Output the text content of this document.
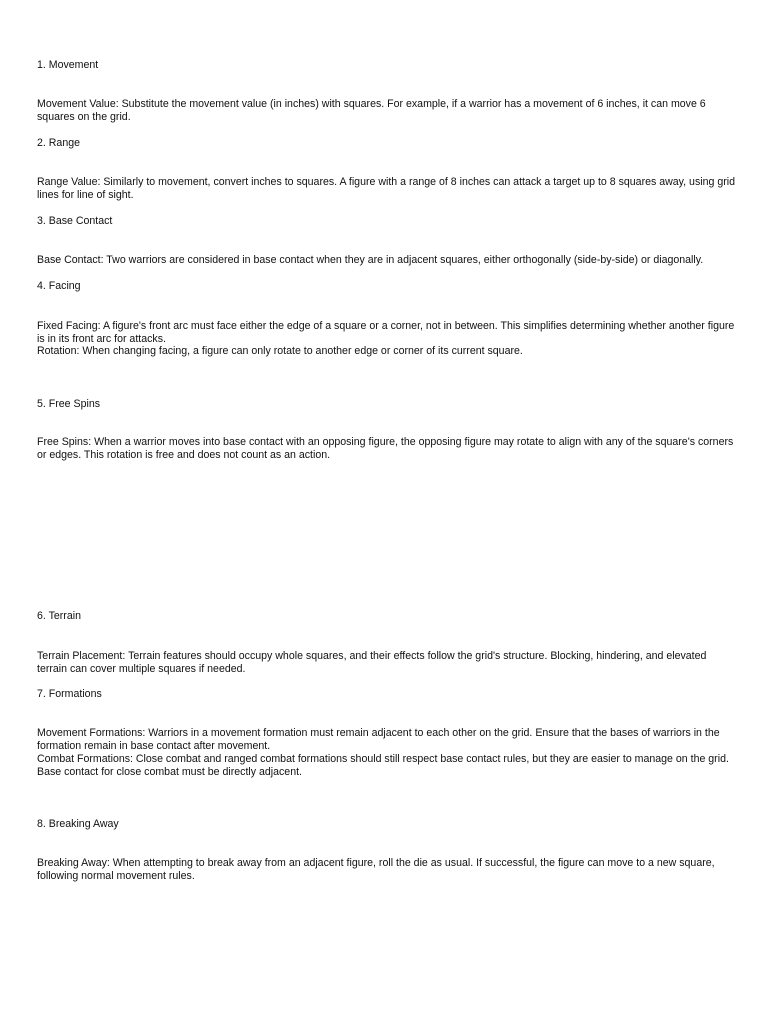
1. Movement
Movement Value: Substitute the movement value (in inches) with squares. For example, if a warrior has a movement of 6 inches, it can move 6 squares on the grid.
2. Range
Range Value: Similarly to movement, convert inches to squares. A figure with a range of 8 inches can attack a target up to 8 squares away, using grid lines for line of sight.
3. Base Contact
Base Contact: Two warriors are considered in base contact when they are in adjacent squares, either orthogonally (side-by-side) or diagonally.
4. Facing
Fixed Facing: A figure's front arc must face either the edge of a square or a corner, not in between. This simplifies determining whether another figure is in its front arc for attacks.
Rotation: When changing facing, a figure can only rotate to another edge or corner of its current square.
5. Free Spins
Free Spins: When a warrior moves into base contact with an opposing figure, the opposing figure may rotate to align with any of the square's corners or edges. This rotation is free and does not count as an action.
6. Terrain
Terrain Placement: Terrain features should occupy whole squares, and their effects follow the grid's structure. Blocking, hindering, and elevated terrain can cover multiple squares if needed.
7. Formations
Movement Formations: Warriors in a movement formation must remain adjacent to each other on the grid. Ensure that the bases of warriors in the formation remain in base contact after movement.
Combat Formations: Close combat and ranged combat formations should still respect base contact rules, but they are easier to manage on the grid. Base contact for close combat must be directly adjacent.
8. Breaking Away
Breaking Away: When attempting to break away from an adjacent figure, roll the die as usual. If successful, the figure can move to a new square, following normal movement rules.
